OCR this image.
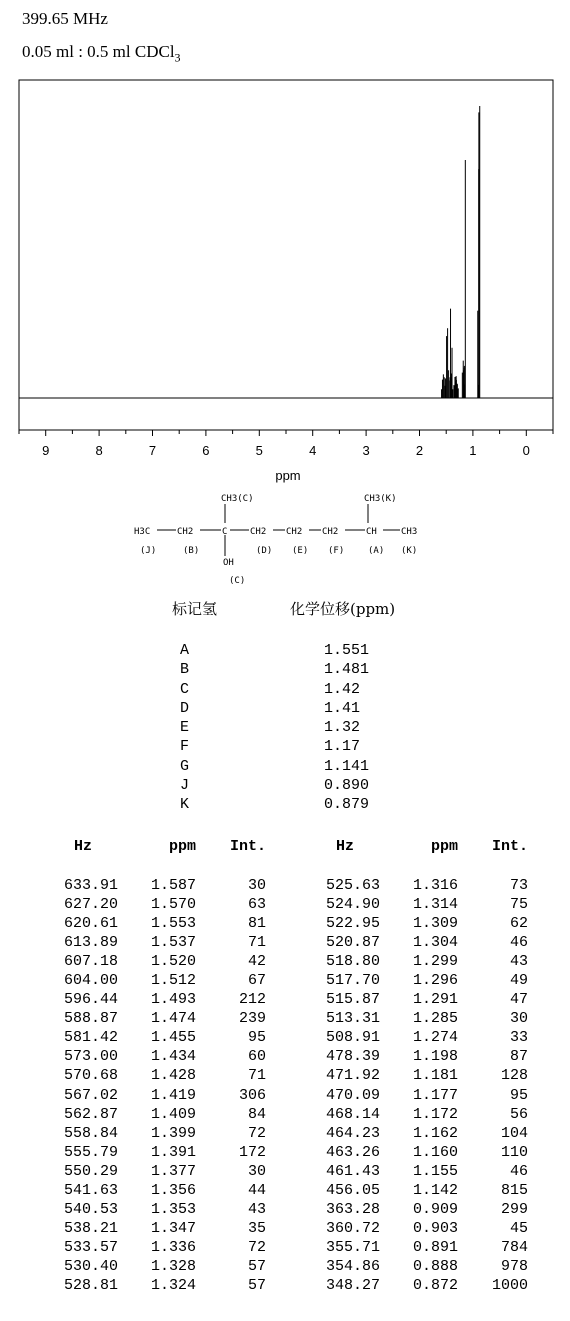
399.65 MHz
0.05 ml : 0.5 ml CDCl$_3$
9	8	7	6	5	4	3	2	1	0
ppm
CH3(C)	CH3(K)
H3C	CH2	C	CH2 CH2 CH2	CH	CH3
(J)	(B)	(D) (E) (F)	(A) (K)
OH
(C)
标记氢	化学位移(ppm)
A	1.551
B	1.481
C	1.42
D	1.41
E	1.32
F	1.17
G	1.141
J	0.890
K	0.879
Hz	ppm	Int.
633.91	1.587	30
627.20	1.570	63
620.61	1.553	81
613.89	1.537	71
607.18	1.520	42
604.00	1.512	67
596.44	1.493	212
588.87	1.474	239
581.42	1.455	95
573.00	1.434	60
570.68	1.428	71
567.02	1.419	306
562.87	1.409	84
558.84	1.399	72
555.79	1.391	172
550.29	1.377	30
541.63	1.356	44
540.53	1.353	43
538.21	1.347	35
533.57	1.336	72
530.40	1.328	57
528.81	1.324	57
Hz	ppm	Int.
525.63	1.316	73
524.90	1.314	75
522.95	1.309	62
520.87	1.304	46
518.80	1.299	43
517.70	1.296	49
515.87	1.291	47
513.31	1.285	30
508.91	1.274	33
478.39	1.198	87
471.92	1.181	128
470.09	1.177	95
468.14	1.172	56
464.23	1.162	104
463.26	1.160	110
461.43	1.155	46
456.05	1.142	815
363.28	0.909	299
360.72	0.903	45
355.71	0.891	784
354.86	0.888	978
348.27	0.872	1000
